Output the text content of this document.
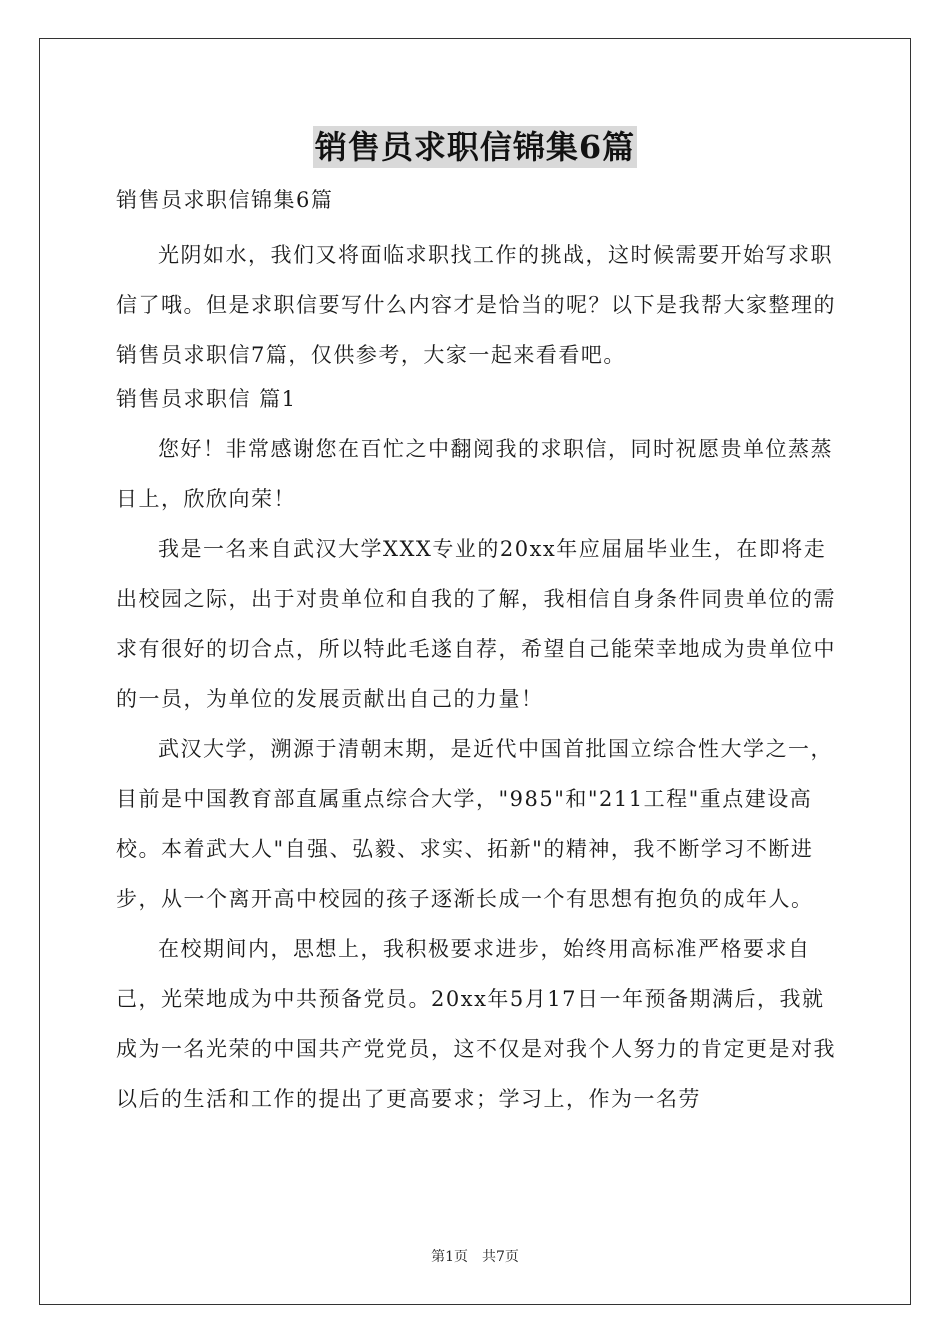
销售员求职信锦集6篇

销售员求职信锦集6篇

光阴如水，我们又将面临求职找工作的挑战，这时候需要开始写求职信了哦。但是求职信要写什么内容才是恰当的呢？以下是我帮大家整理的销售员求职信7篇，仅供参考，大家一起来看看吧。

销售员求职信 篇1

您好！非常感谢您在百忙之中翻阅我的求职信，同时祝愿贵单位蒸蒸日上，欣欣向荣！

我是一名来自武汉大学XXX专业的20xx年应届届毕业生，在即将走出校园之际，出于对贵单位和自我的了解，我相信自身条件同贵单位的需求有很好的切合点，所以特此毛遂自荐，希望自己能荣幸地成为贵单位中的一员，为单位的发展贡献出自己的力量！

武汉大学，溯源于清朝末期，是近代中国首批国立综合性大学之一，目前是中国教育部直属重点综合大学，"985"和"211工程"重点建设高校。本着武大人"自强、弘毅、求实、拓新"的精神，我不断学习不断进步，从一个离开高中校园的孩子逐渐长成一个有思想有抱负的成年人。

在校期间内，思想上，我积极要求进步，始终用高标准严格要求自己，光荣地成为中共预备党员。20xx年5月17日一年预备期满后，我就成为一名光荣的中国共产党党员，这不仅是对我个人努力的肯定更是对我以后的生活和工作的提出了更高要求；学习上，作为一名劳

第1页 共7页
